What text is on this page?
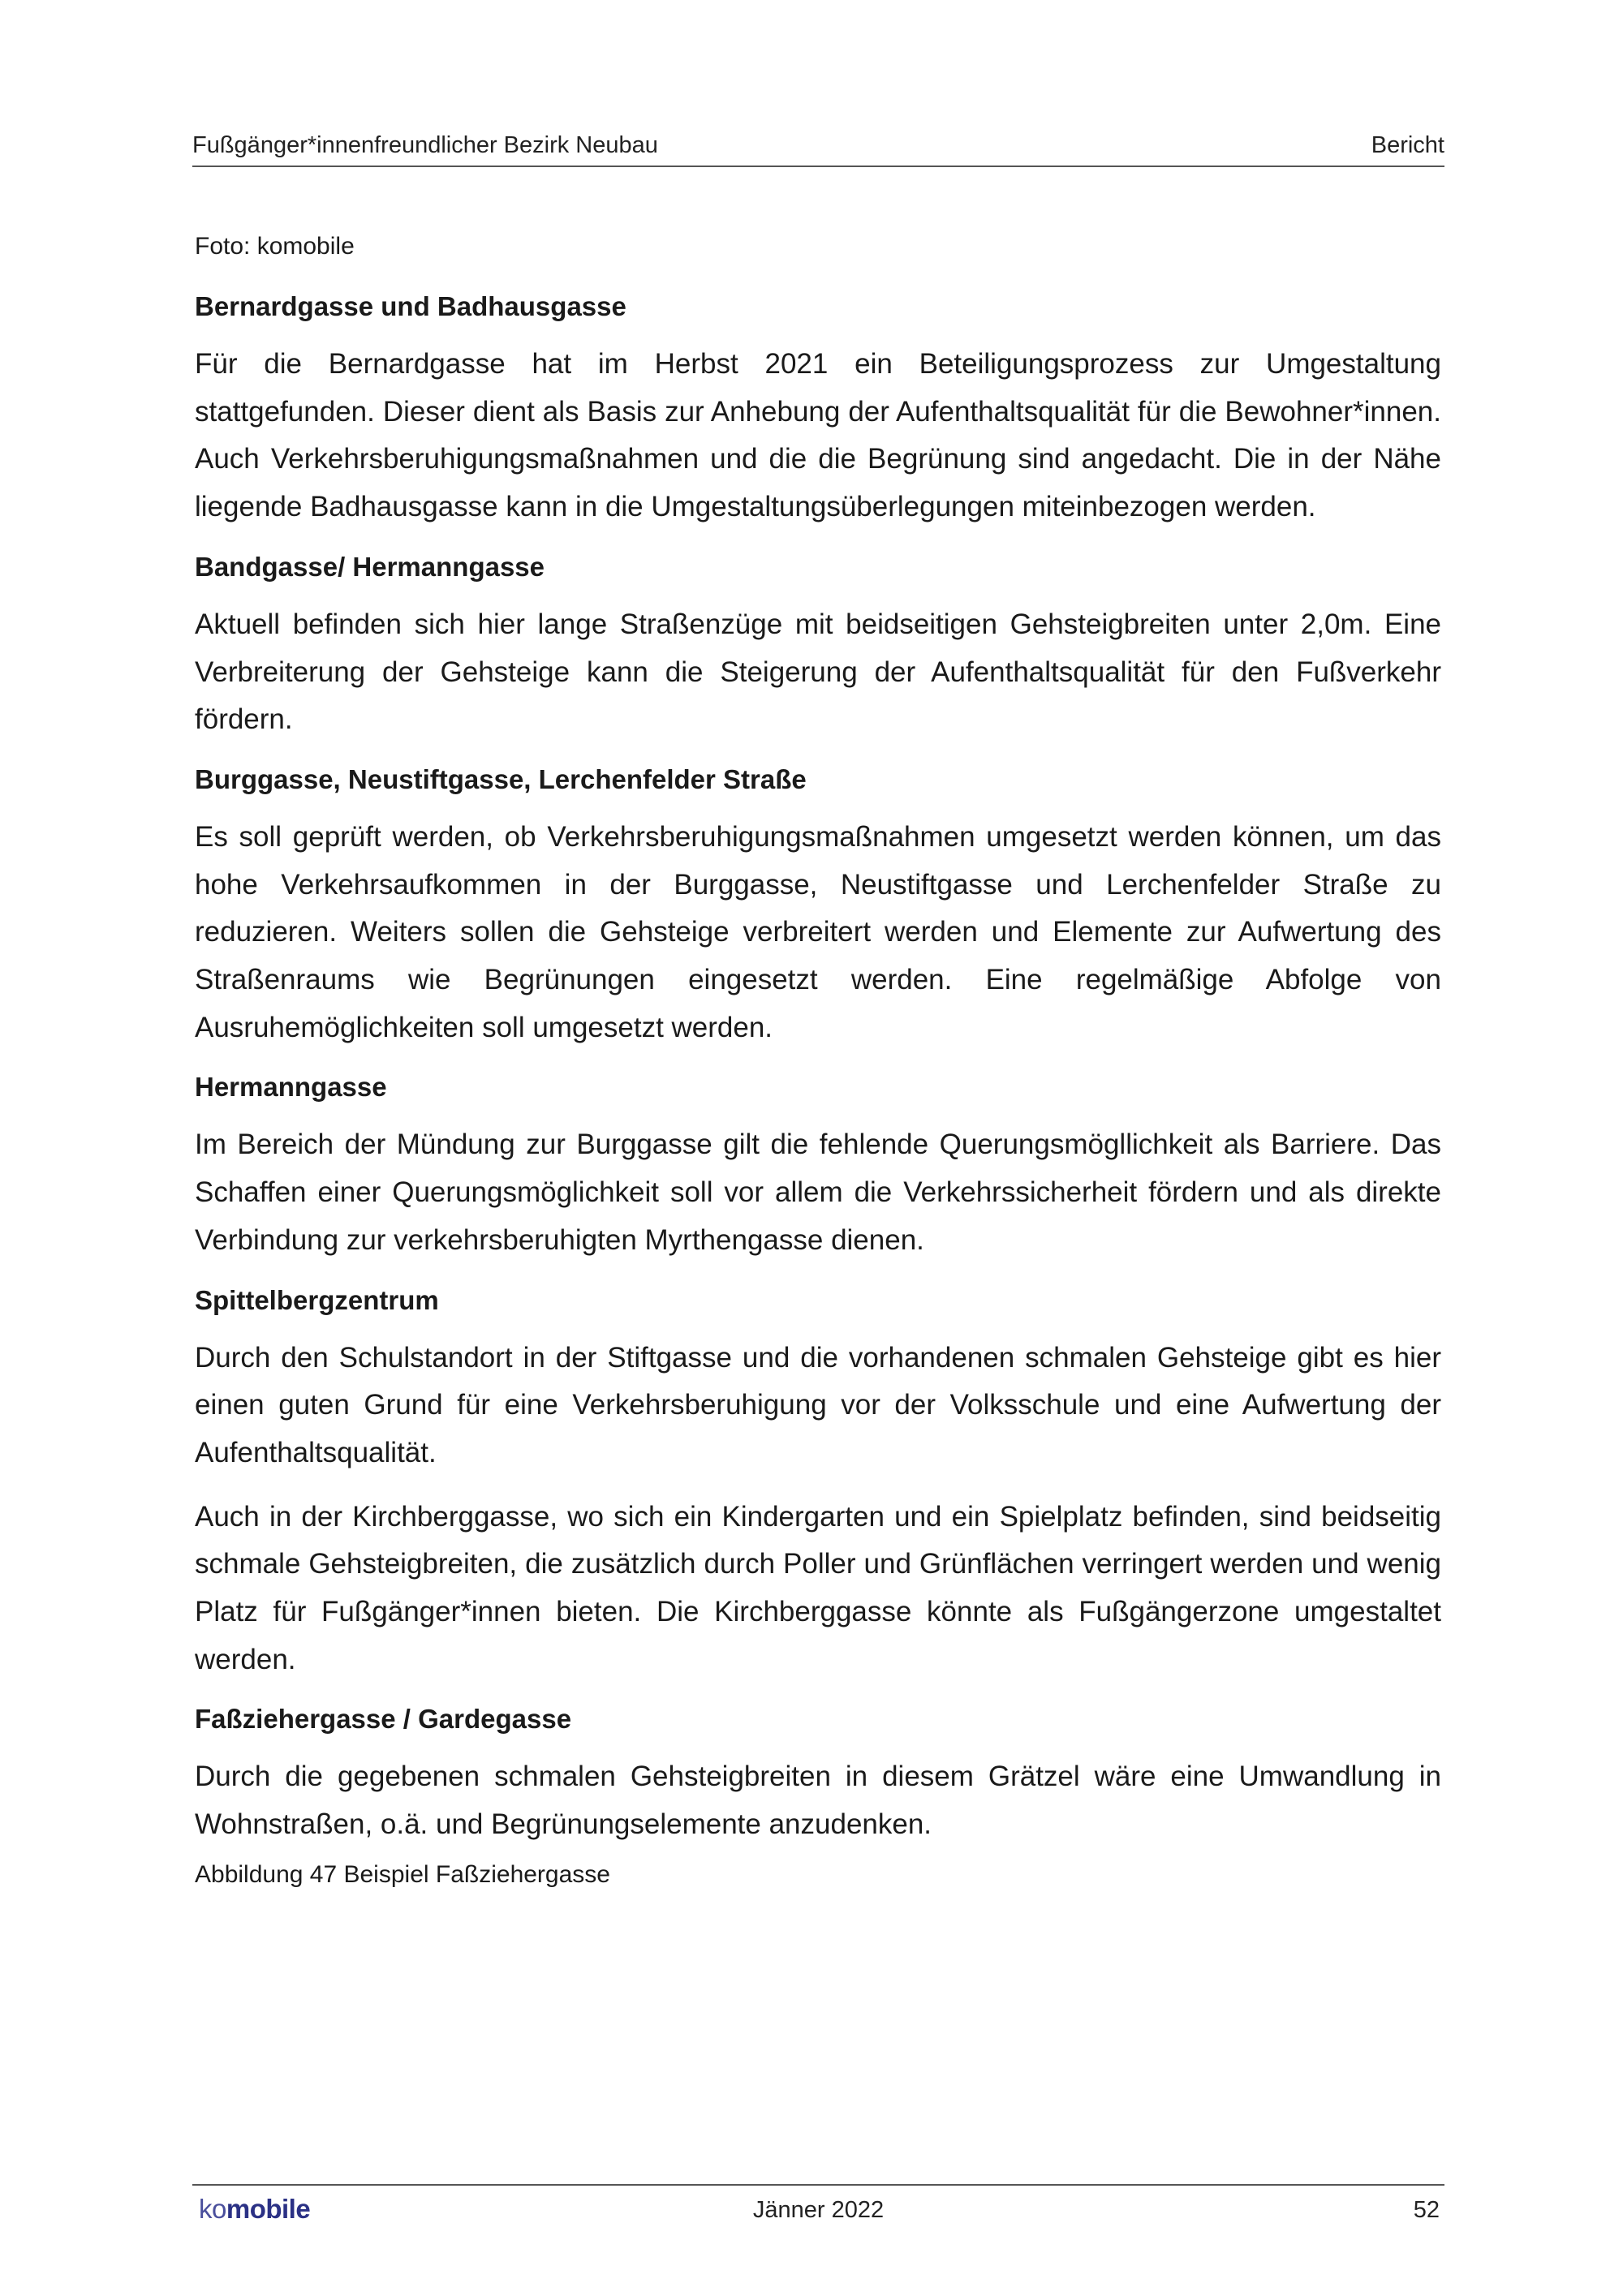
Fußgänger*innenfreundlicher Bezirk Neubau	Bericht

Foto: komobile

Bernardgasse und Badhausgasse

Für die Bernardgasse hat im Herbst 2021 ein Beteiligungsprozess zur Umgestaltung stattgefunden. Dieser dient als Basis zur Anhebung der Aufenthaltsqualität für die Bewohner*innen. Auch Verkehrsberuhigungsmaßnahmen und die die Begrünung sind angedacht. Die in der Nähe liegende Badhausgasse kann in die Umgestaltungsüberlegungen miteinbezogen werden.

Bandgasse/ Hermanngasse

Aktuell befinden sich hier lange Straßenzüge mit beidseitigen Gehsteigbreiten unter 2,0m. Eine Verbreiterung der Gehsteige kann die Steigerung der Aufenthaltsqualität für den Fußverkehr fördern.

Burggasse, Neustiftgasse, Lerchenfelder Straße

Es soll geprüft werden, ob Verkehrsberuhigungsmaßnahmen umgesetzt werden können, um das hohe Verkehrsaufkommen in der Burggasse, Neustiftgasse und Lerchenfelder Straße zu reduzieren. Weiters sollen die Gehsteige verbreitert werden und Elemente zur Aufwertung des Straßenraums wie Begrünungen eingesetzt werden. Eine regelmäßige Abfolge von Ausruhemöglichkeiten soll umgesetzt werden.

Hermanngasse

Im Bereich der Mündung zur Burggasse gilt die fehlende Querungsmögllichkeit als Barriere. Das Schaffen einer Querungsmöglichkeit soll vor allem die Verkehrssicherheit fördern und als direkte Verbindung zur verkehrsberuhigten Myrthengasse dienen.

Spittelbergzentrum

Durch den Schulstandort in der Stiftgasse und die vorhandenen schmalen Gehsteige gibt es hier einen guten Grund für eine Verkehrsberuhigung vor der Volksschule und eine Aufwertung der Aufenthaltsqualität.

Auch in der Kirchberggasse, wo sich ein Kindergarten und ein Spielplatz befinden, sind beidseitig schmale Gehsteigbreiten, die zusätzlich durch Poller und Grünflächen verringert werden und wenig Platz für Fußgänger*innen bieten. Die Kirchberggasse könnte als Fußgängerzone umgestaltet werden.

Faßziehergasse / Gardegasse

Durch die gegebenen schmalen Gehsteigbreiten in diesem Grätzel wäre eine Umwandlung in Wohnstraßen, o.ä. und Begrünungselemente anzudenken.

Abbildung 47 Beispiel Faßziehergasse

komobile	Jänner 2022	52
